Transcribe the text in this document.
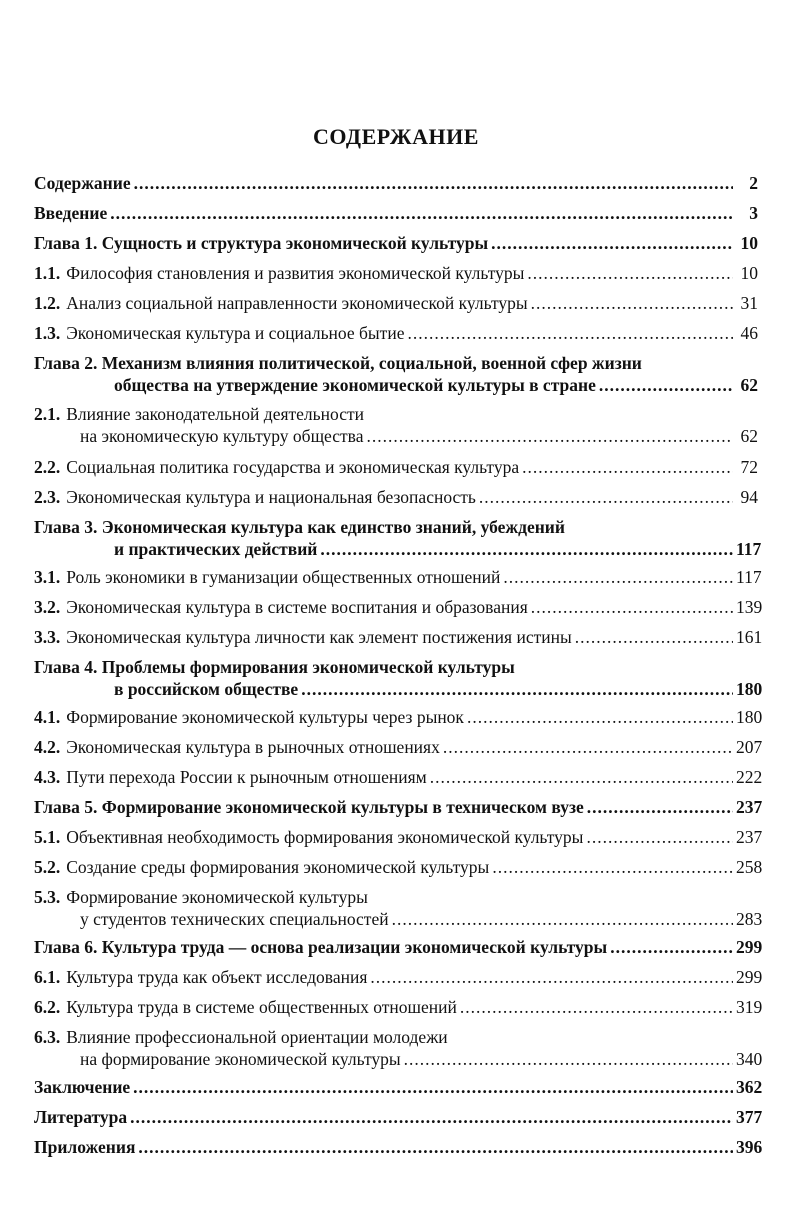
СОДЕРЖАНИЕ
Содержание .....	2
Введение .....	3
Глава 1. Сущность и структура экономической культуры .....	10
1.1. Философия становления и развития экономической культуры .....	10
1.2. Анализ социальной направленности экономической культуры .....	31
1.3. Экономическая культура и социальное бытие .....	46
Глава 2. Механизм влияния политической, социальной, военной сфер жизни
общества на утверждение экономической культуры в стране .....	62
2.1. Влияние законодательной деятельности
на экономическую культуру общества .....	62
2.2. Социальная политика государства и экономическая культура .....	72
2.3. Экономическая культура и национальная безопасность .....	94
Глава 3. Экономическая культура как единство знаний, убеждений
и практических действий .....	117
3.1. Роль экономики в гуманизации общественных отношений .....	117
3.2. Экономическая культура в системе воспитания и образования .....	139
3.3. Экономическая культура личности как элемент постижения истины .....	161
Глава 4. Проблемы формирования экономической культуры
в российском обществе .....	180
4.1. Формирование экономической культуры через рынок .....	180
4.2. Экономическая культура в рыночных отношениях .....	207
4.3. Пути перехода России к рыночным отношениям .....	222
Глава 5. Формирование экономической культуры в техническом вузе .....	237
5.1. Объективная необходимость формирования экономической культуры .....	237
5.2. Создание среды формирования экономической культуры .....	258
5.3. Формирование экономической культуры
у студентов технических специальностей .....	283
Глава 6. Культура труда — основа реализации экономической культуры .....	299
6.1. Культура труда как объект исследования .....	299
6.2. Культура труда в системе общественных отношений .....	319
6.3. Влияние профессиональной ориентации молодежи
на формирование экономической культуры .....	340
Заключение .....	362
Литература .....	377
Приложения .....	396
